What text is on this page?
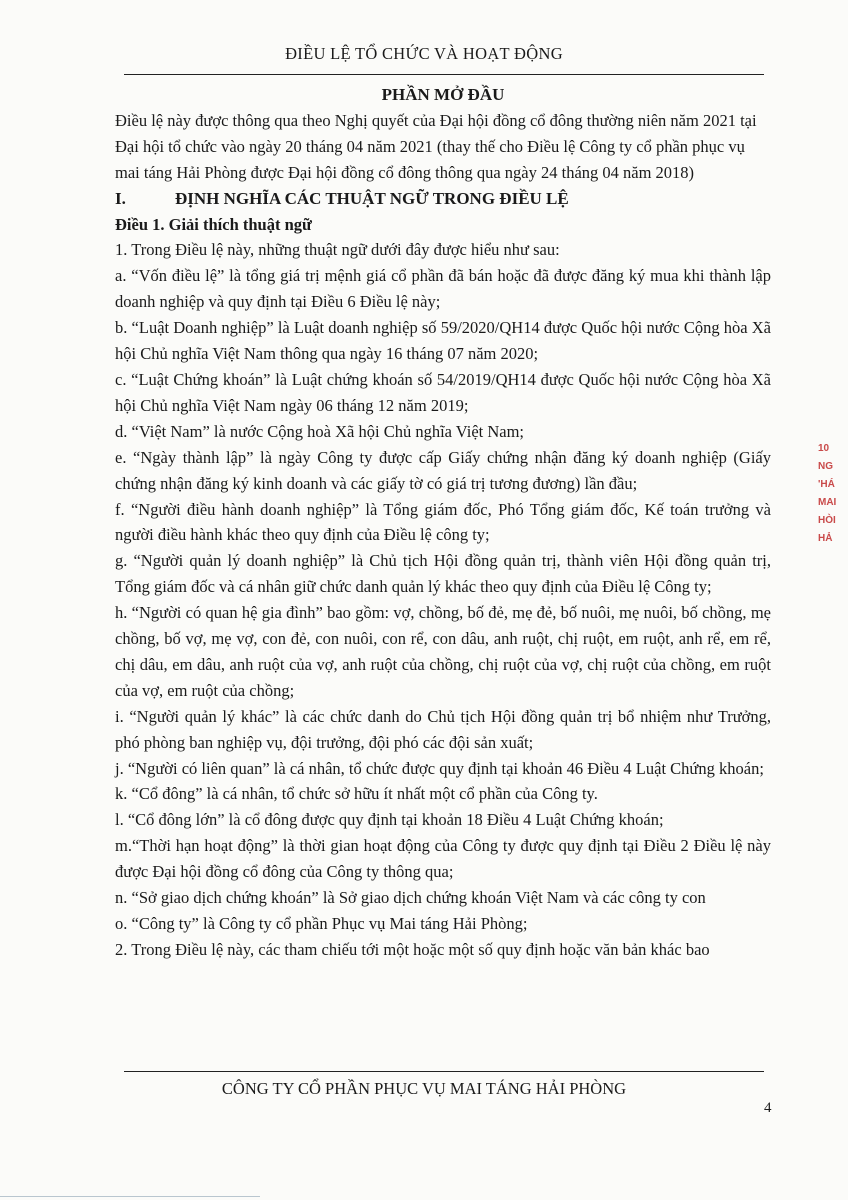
ĐIỀU LỆ TỔ CHỨC VÀ HOẠT ĐỘNG

PHẦN MỞ ĐẦU

Điều lệ này được thông qua theo Nghị quyết của Đại hội đồng cổ đông thường niên năm 2021 tại Đại hội tổ chức vào ngày 20 tháng 04 năm 2021 (thay thế cho Điều lệ Công ty cổ phần phục vụ mai táng Hải Phòng được Đại hội đồng cổ đông thông qua ngày 24 tháng 04 năm 2018)

I.	ĐỊNH NGHĨA CÁC THUẬT NGỮ TRONG ĐIỀU LỆ

Điều 1. Giải thích thuật ngữ

1. Trong Điều lệ này, những thuật ngữ dưới đây được hiểu như sau:

a. “Vốn điều lệ” là tổng giá trị mệnh giá cổ phần đã bán hoặc đã được đăng ký mua khi thành lập doanh nghiệp và quy định tại Điều 6 Điều lệ này;

b. “Luật Doanh nghiệp” là Luật doanh nghiệp số 59/2020/QH14 được Quốc hội nước Cộng hòa Xã hội Chủ nghĩa Việt Nam thông qua ngày 16 tháng 07 năm 2020;

c. “Luật Chứng khoán” là Luật chứng khoán số 54/2019/QH14 được Quốc hội nước Cộng hòa Xã hội Chủ nghĩa Việt Nam ngày 06 tháng 12 năm 2019;

d. “Việt Nam” là nước Cộng hoà Xã hội Chủ nghĩa Việt Nam;

e. “Ngày thành lập” là ngày Công ty được cấp Giấy chứng nhận đăng ký doanh nghiệp (Giấy chứng nhận đăng ký kinh doanh và các giấy tờ có giá trị tương đương) lần đầu;

f. “Người điều hành doanh nghiệp” là Tổng giám đốc, Phó Tổng giám đốc, Kế toán trưởng và người điều hành khác theo quy định của Điều lệ công ty;

g. “Người quản lý doanh nghiệp” là Chủ tịch Hội đồng quản trị, thành viên Hội đồng quản trị, Tổng giám đốc và cá nhân giữ chức danh quản lý khác theo quy định của Điều lệ Công ty;

h. “Người có quan hệ gia đình” bao gồm: vợ, chồng, bố đẻ, mẹ đẻ, bố nuôi, mẹ nuôi, bố chồng, mẹ chồng, bố vợ, mẹ vợ, con đẻ, con nuôi, con rể, con dâu, anh ruột, chị ruột, em ruột, anh rể, em rể, chị dâu, em dâu, anh ruột của vợ, anh ruột của chồng, chị ruột của vợ, chị ruột của chồng, em ruột của vợ, em ruột của chồng;

i. “Người quản lý khác” là các chức danh do Chủ tịch Hội đồng quản trị bổ nhiệm như Trưởng, phó phòng ban nghiệp vụ, đội trưởng, đội phó các đội sản xuất;

j. “Người có liên quan” là cá nhân, tổ chức được quy định tại khoản 46 Điều 4 Luật Chứng khoán;

k. “Cổ đông” là cá nhân, tổ chức sở hữu ít nhất một cổ phần của Công ty.

l. “Cổ đông lớn” là cổ đông được quy định tại khoản 18 Điều 4 Luật Chứng khoán;

m.“Thời hạn hoạt động” là thời gian hoạt động của Công ty được quy định tại Điều 2 Điều lệ này được Đại hội đồng cổ đông của Công ty thông qua;

n. “Sở giao dịch chứng khoán” là Sở giao dịch chứng khoán Việt Nam và các công ty con

o. “Công ty” là Công ty cổ phần Phục vụ Mai táng Hải Phòng;

2. Trong Điều lệ này, các tham chiếu tới một hoặc một số quy định hoặc văn bản khác bao

CÔNG TY CỔ PHẦN PHỤC VỤ MAI TÁNG HẢI PHÒNG
4
10
NG
'HÁ
MAI
HÒI
HẢ
